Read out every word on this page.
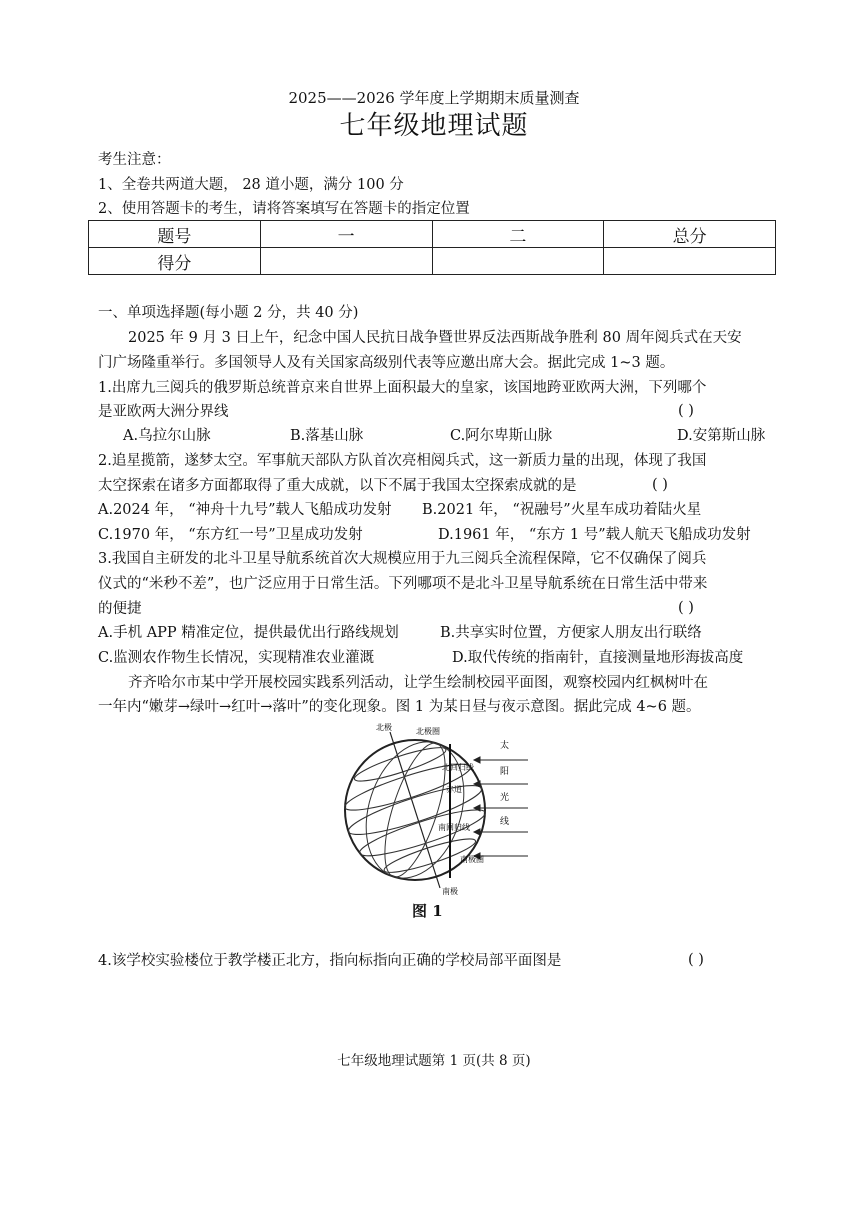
2025——2026 学年度上学期期末质量测查
七年级地理试题
考生注意：
1、全卷共两道大题， 28 道小题，满分 100 分
2、使用答题卡的考生，请将答案填写在答题卡的指定位置
题号	一	二	总分
得分			
一、单项选择题(每小题 2 分，共 40 分)
2025 年 9 月 3 日上午，纪念中国人民抗日战争暨世界反法西斯战争胜利 80 周年阅兵式在天安
门广场隆重举行。多国领导人及有关国家高级别代表等应邀出席大会。据此完成 1~3 题。
1.出席九三阅兵的俄罗斯总统普京来自世界上面积最大的皇家，该国地跨亚欧两大洲，下列哪个
是亚欧两大洲分界线	( )
A.乌拉尔山脉	B.落基山脉	C.阿尔卑斯山脉	D.安第斯山脉
2.追星揽箭，遂梦太空。军事航天部队方队首次亮相阅兵式，这一新质力量的出现，体现了我国
太空探索在诸多方面都取得了重大成就，以下不属于我国太空探索成就的是	( )
A.2024 年， “神舟十九号”载人飞船成功发射 B.2021 年， “祝融号”火星车成功着陆火星
C.1970 年， “东方红一号”卫星成功发射	D.1961 年， “东方 1 号”载人航天飞船成功发射
3.我国自主研发的北斗卫星导航系统首次大规模应用于九三阅兵全流程保障，它不仅确保了阅兵
仪式的“米秒不差”，也广泛应用于日常生活。下列哪项不是北斗卫星导航系统在日常生活中带来
的便捷	( )
A.手机 APP 精准定位，提供最优出行路线规划	B.共享实时位置，方便家人朋友出行联络
C.监测农作物生长情况，实现精准农业灌溉	D.取代传统的指南针，直接测量地形海拔高度
齐齐哈尔市某中学开展校园实践系列活动，让学生绘制校园平面图，观察校园内红枫树叶在
一年内“嫩芽→绿叶→红叶→落叶”的变化现象。图 1 为某日昼与夜示意图。据此完成 4~6 题。
北极	北极圈
北回归线
赤道
南回归线
南极圈
南极
太
阳
光
线
图 1
4.该学校实验楼位于教学楼正北方，指向标指向正确的学校局部平面图是	( )
七年级地理试题第 1 页(共 8 页)
